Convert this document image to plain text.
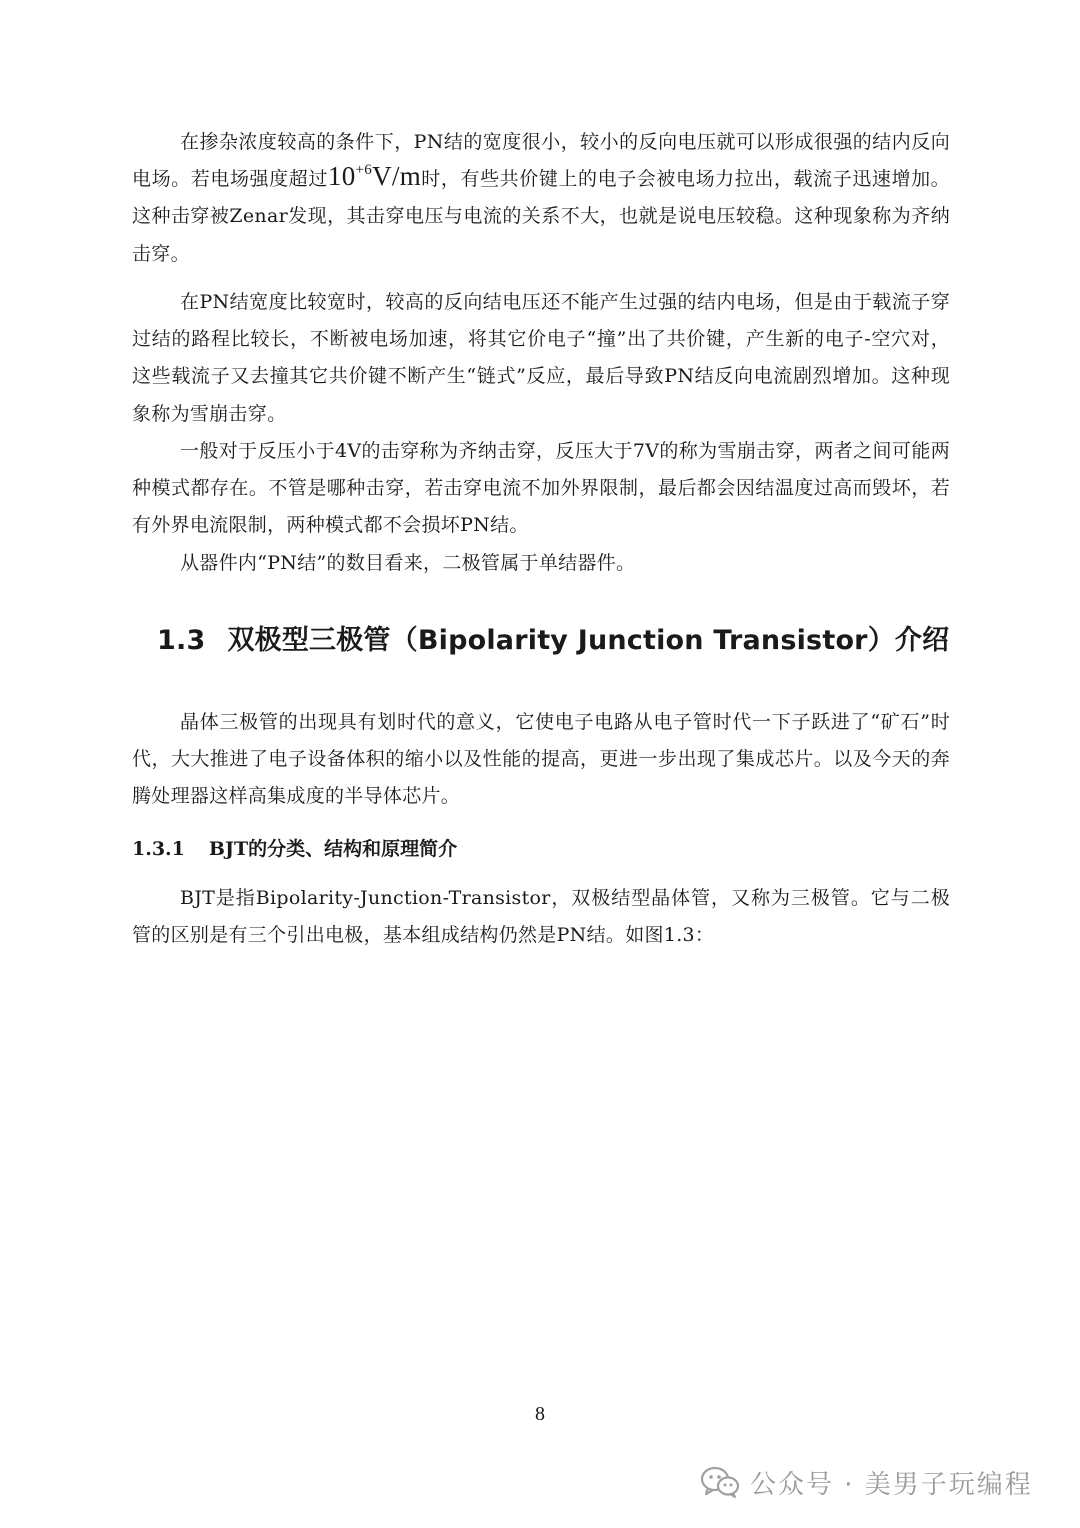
在掺杂浓度较高的条件下，PN结的宽度很小，较小的反向电压就可以形成很强的结内反向电场。若电场强度超过$10^{+6}V/m$时，有些共价键上的电子会被电场力拉出，载流子迅速增加。这种击穿被Zenar发现，其击穿电压与电流的关系不大，也就是说电压较稳。这种现象称为齐纳击穿。

在PN结宽度比较宽时，较高的反向结电压还不能产生过强的结内电场，但是由于载流子穿过结的路程比较长，不断被电场加速，将其它价电子“撞”出了共价键，产生新的电子-空穴对，这些载流子又去撞其它共价键不断产生“链式”反应，最后导致PN结反向电流剧烈增加。这种现象称为雪崩击穿。

一般对于反压小于4V的击穿称为齐纳击穿，反压大于7V的称为雪崩击穿，两者之间可能两种模式都存在。不管是哪种击穿，若击穿电流不加外界限制，最后都会因结温度过高而毁坏，若有外界电流限制，两种模式都不会损坏PN结。

从器件内“PN结”的数目看来，二极管属于单结器件。

1.3 双极型三极管（Bipolarity Junction Transistor）介绍

晶体三极管的出现具有划时代的意义，它使电子电路从电子管时代一下子跃进了“矿石”时代，大大推进了电子设备体积的缩小以及性能的提高，更进一步出现了集成芯片。以及今天的奔腾处理器这样高集成度的半导体芯片。

1.3.1 BJT的分类、结构和原理简介

BJT是指Bipolarity-Junction-Transistor，双极结型晶体管，又称为三极管。它与二极管的区别是有三个引出电极，基本组成结构仍然是PN结。如图1.3：

8
公众号 · 美男子玩编程
